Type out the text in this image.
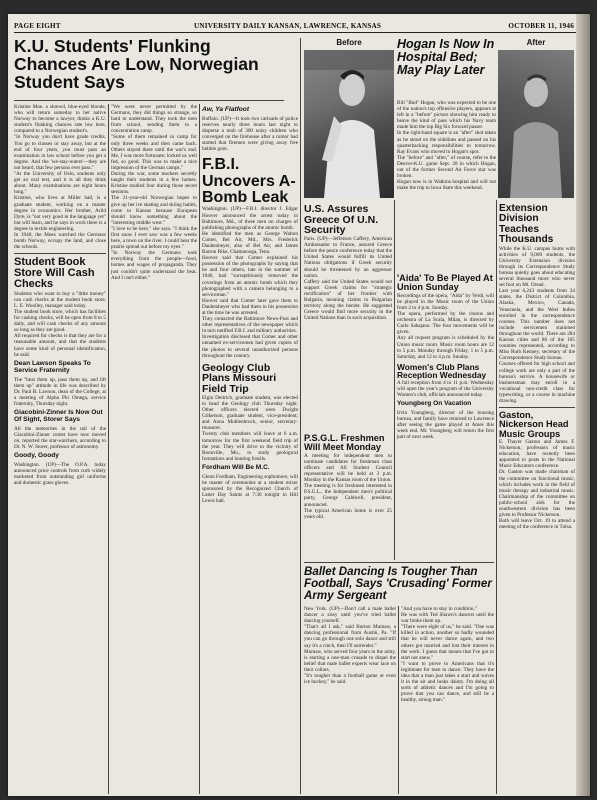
PAGE EIGHT	UNIVERSITY DAILY KANSAN, LAWRENCE, KANSAS	OCTOBER 11, 1946
K.U. Students' Flunking Chances Are Low, Norwegian Student Says

Kristine Moe, a shrewd, blue-eyed blonde, who will return someday to her native Norway to become a lawyer, thinks a K.U. student's flunking chances rate low here, compared to a Norwegian student's.
"In Norway you don't have grade credits. You go to classes or stay away, but at the end of four years, you must pass an examination in law school before you get a degree. And the 'we-stay-outers'—they are not heard, that few persons ever pass."
"At the University of Oslo, students only get an oral test, and it is all they think about. Many examinations are eight hours long."
Kristine, who lives at Miller hall, is a graduate student, working on a master degree in economics. Her brother, Arild Dyre, is "not very good in the language yet" but will learn, and he says in work there is a degree in textile engineering.
In 1940, the Moes watched the Germans bomb Norway, occupy the land, and close the schools.

Student Book Store Will Cash Checks

Students who want to buy a "little money" can cash checks at the student book store, L. E. Woolley, manager said today.
The student book store, which has facilities for cashing checks, will be open from 8 to 5 daily, and will cash checks of any amount so long as they are good.
All required for checks is that they are for a reasonable amount, and that the students have some kind of personal identification, he said.

Dean Lawson Speaks To Service Fraternity

The "beat them up, pass them up, and lift them up" attitude in life was described by Dr. Paul B. Lawson, dean of the College, at a meeting of Alpha Phi Omega, service fraternity, Thursday night.

Giacobini-Zinner Is Now Out Of Sight, Storer Says

All the meteorites in the tail of the Giacobini-Zinner comet have now moved on, reported the star-watchers, according to Dr. N. W. Storer, professor of astronomy.

Goody, Goody

Washington. (UP)—The O.P.A. today announced price controls from curb widely marketed from outstanding girl uniforms and domestic grass gloves.

"We were never permitted by the Germans, they did things so strange, so hard to understand. They took the men from school, sending them to a concentration camp.
"Some of them remained in camp for only three weeks and then came back. Others stayed there until the war's end. Me, I was more fortunate; locked us well fed, so good. This was to make a nice impression of the German camps."
During the war, some teachers secretly taught their students in a few homes. Kristine studied four during those secret sessions.
The 21-year-old Norwegian hopes to give up her ice skating and skiing habits, come to Kansas because European should know something about the "interesting middle west."
"I love to be here," she says. "I think the first snow I ever saw was a few weeks here, a town on the river. I could hear the prairie spread out before my eyes."
"In Norway the Germans took everything from the people—food, homes and wages of propaganda. They just couldn't quite understand the beat. And I can't either."

Aw, Ya Flatfoot

Buffalo. (UP)—It took two carloads of police reserves nearly three hours last night to disperse a mob of 300 noisy children who converged on the firehouse after a rumor had started that firemen were giving away free bubble gum.

F.B.I. Uncovers A-Bomb Leak

Washington. (UP)—F.B.I. director J. Edgar Hoover announced the arrest today in Baltimore, Md., of three men on charges of publishing photographs of the atomic bomb.
He identified the men as George Walton Comer, Bel Air, Md., Mrs. Frederick Daubenheyer, also of Bel Air, and James Barron Rike, Chattanooga, Tenn.
Hoover said that Comer explained his possession of the photographs by saying that he and four others, late in the summer of 1946, had "surreptitiously removed the coverings from an atomic bomb which they photographed with a camera belonging to a serviceman."
Hoover said that Comer later gave them to Daubenheyer who had them in his possession at the time he was arrested.
They contacted the Baltimore News-Post and other representatives of the newspaper which in turn notified F.B.I. and military authorities.
Investigation disclosed that Comer and other unnamed ex-servicemen had given copies of the photos to several unauthorized persons throughout the country.

Geology Club Plans Missouri Field Trip

Elgin Deitrich, graduate student, was elected to head the Geology club Thursday night. Other officers elected were Dwight Gilkerson, graduate student, vice-president; and Anna Muhlenbrock, senior, secretary-treasurer.
Twenty club members will leave at 6 a.m. tomorrow for the first weekend field trip of the year. They will drive to the vicinity of Boonville, Mo., to study geological formations and hunting fossils.

Fordham Will Be M.C.

Glenn Fordham, Engineering sophomore, will be master of ceremonies at a student mixer sponsored by the Recognized Church of Latter Day Saints at 7:30 tonight in Hill Lewis hall.

Before	Hogan Is Now In Hospital Bed; May Play Later
After

Bill "Bud" Hogan, who was expected to be one of the nation's top offensive players, appears at left in a "before" picture showing him ready to heave the kind of pass which his Navy team made him the top Big Six forward passer.
In the right-hand square is an "after" shot taken as he stood on the sidelines and passed on his quarterbacking responsibilities to tomorrow. Ray Evans who moved to Hogan's spot.
The "before" and "after," of course, refer to the Denver-K.U. game Sept. 28 in which Hogan, out of the former Second Air Force star was broken.
Hogan now is in Watkins hospital and will not make the trip to Iowa State this weekend.

U.S. Assures Greece Of U.N. Security

Paris. (UP)—Jefferson Caffery, American Ambassador to France, assured Greece before the peace conference today that the United States would fulfill its United Nations obligations if Greek security should be threatened by an aggressor nation.
Caffery said the United States would not support Greek claims for "strategic rectification" of her frontier with Bulgaria, meaning claims to Bulgarian territory along the border. He suggested Greece would find more security in the United Nations than in such acquisition.

'Aida' To Be Played At Union Sunday

Recordings of the opera, "Aida" by Verdi, will be played in the Music room of the Union from 2 to 4 p.m. Sunday.
The opera, performed by the chorus and orchestra of La Scala, Milan, is directed by Carlo Sabajano. The four movements will be given.
Any all request program is scheduled by the Union music room. Music room hours are 12 to 5 p.m. Monday through Friday, 1 to 5 p.m. Saturday, and 12 to 4 p.m. Sunday.

Women's Club Plans Reception Wednesday

A fall reception from 4 to 11 p.m. Wednesday will open the year's program of the University Women's club, officials announced today.

Youngberg On Vacation

Irvin Youngberg, director of the housing bureau, and family have returned to Lawrence after seeing the game played at Ames this week end. Mr. Youngberg will return the first part of next week.

P.S.G.L. Freshmen Will Meet Monday

A meeting for independent men to nominate candidates for freshman class officers and All Student Council representative will be held at 3 p.m. Monday in the Kansas room of the Union.
The meeting is for freshmen interested in P.S.G.L., the Independent men's political party, George Caldwell, president, announced.
The typical American home is over 25 years old.

Ballet Dancing Is Tougher Than Football, Says 'Crusading' Former Army Sergeant

New York. (UP)—Don't call a male ballet dancer a sissy until you've tried ballet dancing yourself.
"That's all I ask," said Burton Mumaw, a dancing professional from Austin, Pa. "If you can go through one solo dance and still say it's a cinch, then I'll surrender."
Mumaw, who served four years in the army, is starting a one-man crusade to dispel the belief that male ballet experts wear lace on their collars.
"It's tougher than a football game or even ice hockey," he said.

"And you have to stay in condition."
He was with Ted Shawn's dancers until the war broke them up.
"There were eight of us," he said. "One was killed in action, another so badly wounded that he will never dance again, and two others got married and lost their interest in the work. I guess that means that I've got to start out anew."
"I want to prove to Americans that it's legitimate for men to dance. They have the idea that a man just takes a start and waves it in the air and looks dainty. I'm doing all sorts of athletic dances and I'm going to prove that you can dance, and still be a healthy, strong man."

Extension Division Teaches Thousands

While the K.U. campus hums with activities of 9,000 students, the University Extension division through its Correspondence Study bureau quietly goes about educating several thousand more who never set foot on Mt. Oread.
Last year 6,243 students from 34 states, the District of Columbia, Alaska, Mexico, Canada, Venezuela, and the West Indies enrolled in the correspondence courses. This number does not include servicemen stationed throughout the world. There are 284 Kansas cities and 86 of the 105 counties represented, according to Miss Ruth Kenney, secretary of the Correspondence Study bureau.
Courses offered for high school and college work are only a part of the bureau's service. A housewife or businessman may enroll in a vocational non-credit class for typewriting, or a course in machine drawing.

Gaston, Nickerson Head Music Groups

E. Thayer Gaston and James F. Nickerson, professors of music education, have recently been appointed to posts in the National Music Educators conference.
Dr. Gaston was made chairman of the committee on functional music, which includes work in the field of music therapy and industrial music. Chairmanship of the committee on public-school aids for the southwestern division has been given to Professor Nickerson.
Both will leave Oct. 19 to attend a meeting of the conference in Tulsa.
